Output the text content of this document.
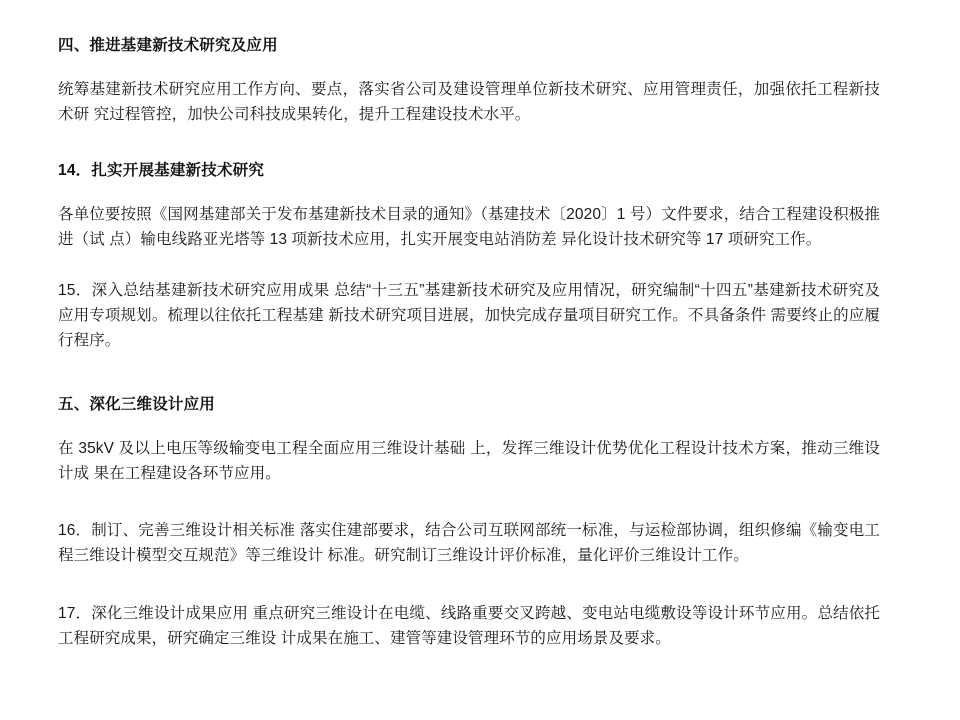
四、推进基建新技术研究及应用

统筹基建新技术研究应用工作方向、要点，落实省公司及建设管理单位新技术研究、应用管理责任，加强依托工程新技术研 究过程管控，加快公司科技成果转化，提升工程建设技术水平。

14．扎实开展基建新技术研究

各单位要按照《国网基建部关于发布基建新技术目录的通知》（基建技术〔2020〕1 号）文件要求，结合工程建设积极推进（试 点）输电线路亚光塔等 13 项新技术应用，扎实开展变电站消防差 异化设计技术研究等 17 项研究工作。

15．深入总结基建新技术研究应用成果 总结“十三五”基建新技术研究及应用情况，研究编制“十四五”基建新技术研究及应用专项规划。梳理以往依托工程基建 新技术研究项目进展，加快完成存量项目研究工作。不具备条件 需要终止的应履行程序。

五、深化三维设计应用

在 35kV 及以上电压等级输变电工程全面应用三维设计基础 上，发挥三维设计优势优化工程设计技术方案，推动三维设计成 果在工程建设各环节应用。

16．制订、完善三维设计相关标准 落实住建部要求，结合公司互联网部统一标准，与运检部协调，组织修编《输变电工程三维设计模型交互规范》等三维设计 标准。研究制订三维设计评价标准，量化评价三维设计工作。

17．深化三维设计成果应用 重点研究三维设计在电缆、线路重要交叉跨越、变电站电缆敷设等设计环节应用。总结依托工程研究成果，研究确定三维设 计成果在施工、建管等建设管理环节的应用场景及要求。
